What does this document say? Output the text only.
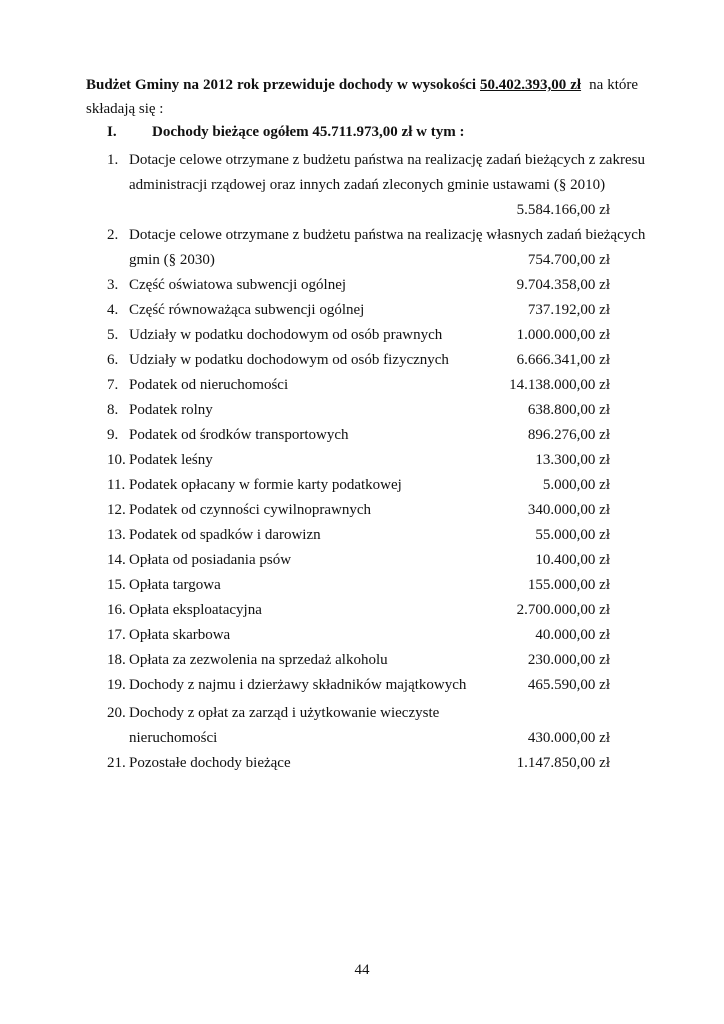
Budżet Gminy na 2012 rok przewiduje dochody w wysokości 50.402.393,00 zł na które składają się :
I. Dochody bieżące ogółem 45.711.973,00 zł w tym :
1. Dotacje celowe otrzymane z budżetu państwa na realizację zadań bieżących z zakresu
administracji rządowej oraz innych zadań zleconych gminie ustawami (§ 2010)
5.584.166,00 zł
2. Dotacje celowe otrzymane z budżetu państwa na realizację własnych zadań bieżących
gmin (§ 2030)	754.700,00 zł
3. Część oświatowa subwencji ogólnej	9.704.358,00 zł
4. Część równoważąca subwencji ogólnej	737.192,00 zł
5. Udziały w podatku dochodowym od osób prawnych	1.000.000,00 zł
6. Udziały w podatku dochodowym od osób fizycznych	6.666.341,00 zł
7. Podatek od nieruchomości	14.138.000,00 zł
8. Podatek rolny	638.800,00 zł
9. Podatek od środków transportowych	896.276,00 zł
10. Podatek leśny	13.300,00 zł
11. Podatek opłacany w formie karty podatkowej	5.000,00 zł
12. Podatek od czynności cywilnoprawnych	340.000,00 zł
13. Podatek od spadków i darowizn	55.000,00 zł
14. Opłata od posiadania psów	10.400,00 zł
15. Opłata targowa	155.000,00 zł
16. Opłata eksploatacyjna	2.700.000,00 zł
17. Opłata skarbowa	40.000,00 zł
18. Opłata za zezwolenia na sprzedaż alkoholu	230.000,00 zł
19. Dochody z najmu i dzierżawy składników majątkowych	465.590,00 zł
20. Dochody z opłat za zarząd i użytkowanie wieczyste
nieruchomości	430.000,00 zł
21. Pozostałe dochody bieżące	1.147.850,00 zł
44
